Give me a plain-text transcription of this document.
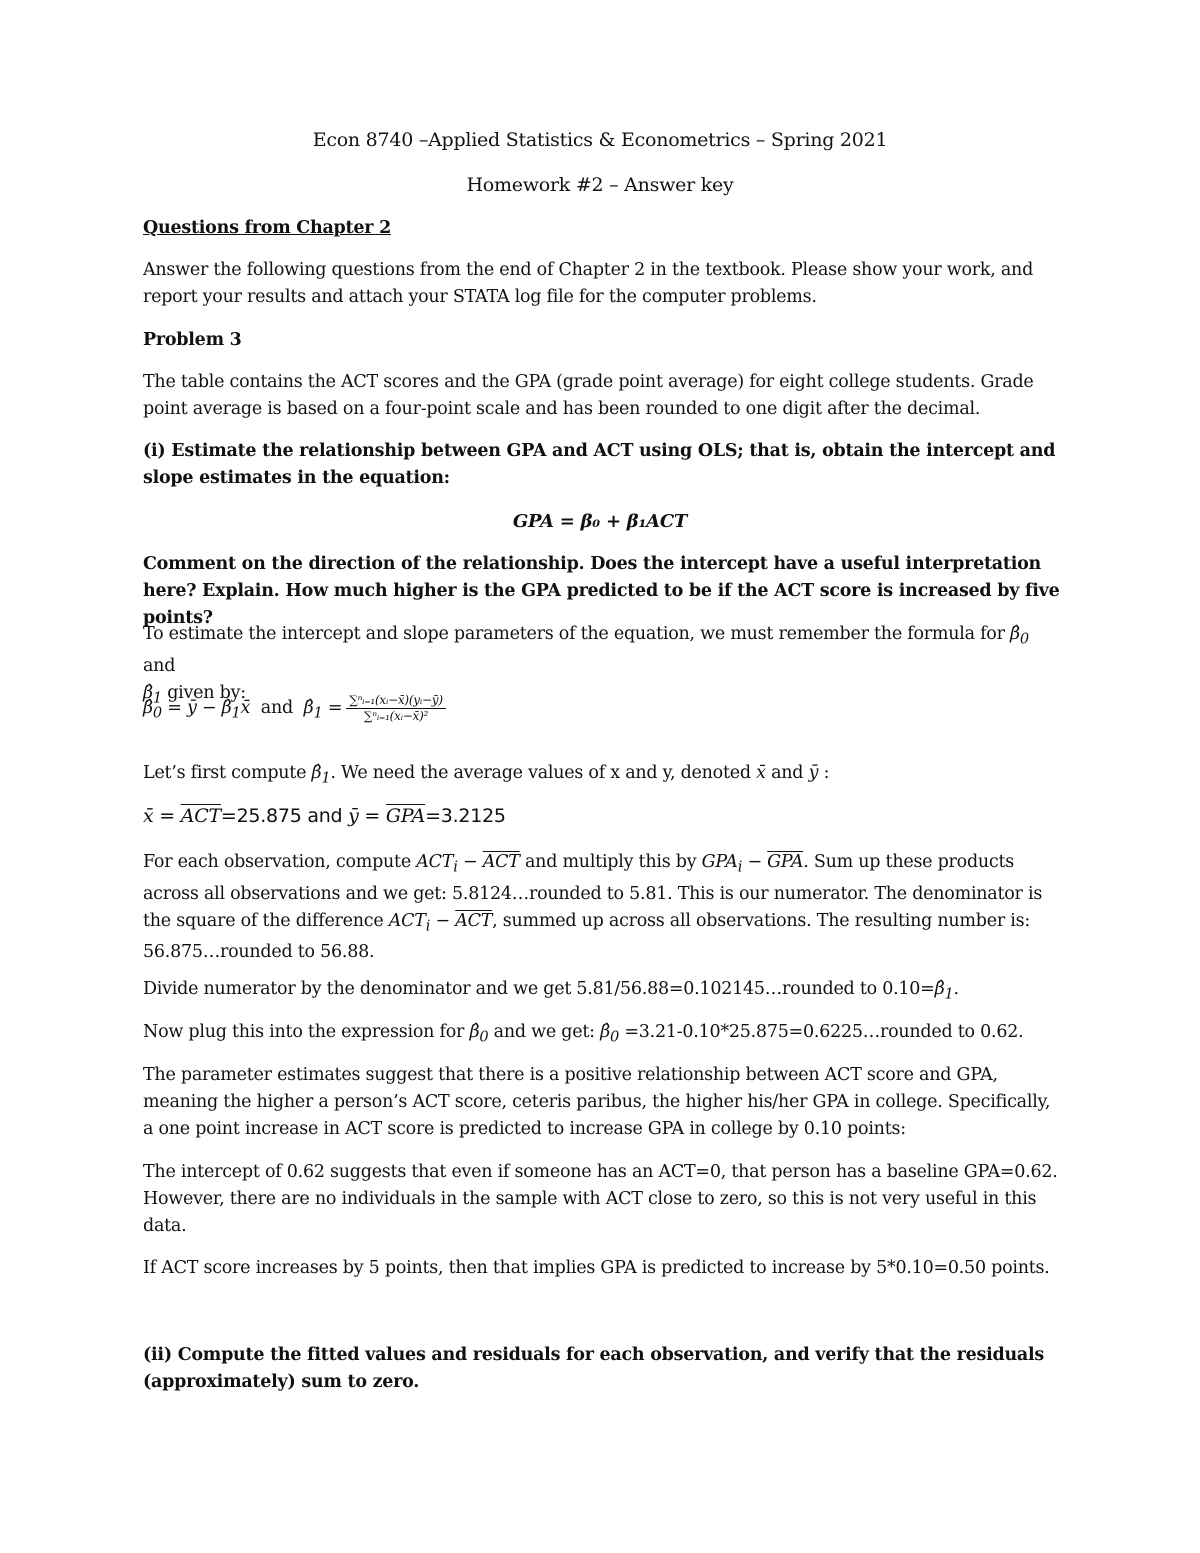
Econ 8740 –Applied Statistics & Econometrics – Spring 2021

Homework #2 – Answer key

Questions from Chapter 2

Answer the following questions from the end of Chapter 2 in the textbook. Please show your work, and report your results and attach your STATA log file for the computer problems.

Problem 3

The table contains the ACT scores and the GPA (grade point average) for eight college students. Grade point average is based on a four-point scale and has been rounded to one digit after the decimal.

(i) Estimate the relationship between GPA and ACT using OLS; that is, obtain the intercept and slope estimates in the equation:

GPA = β₀ + β₁ACT

Comment on the direction of the relationship. Does the intercept have a useful interpretation here? Explain. How much higher is the GPA predicted to be if the ACT score is increased by five points?

To estimate the intercept and slope parameters of the equation, we must remember the formula for $\betâ_0$ and
$\betâ_1$ given by:

$\betâ_0$ = ȳ − $\betâ_1x̄$ and $\betâ_1 = \frac{\text{∑ⁿᵢ₌₁(xᵢ−x̄)(yᵢ−ȳ)}}{\text{∑ⁿᵢ₌₁(xᵢ−x̄)²}}$

Let’s first compute $\betâ_1$. We need the average values of x and y, denoted x̄ and ȳ :

x̄ = $\overline{ACT}=25.875$ and ȳ = $\overline{GPA}=3.2125$

For each observation, compute $ACT_i - \overline{ACT}$ and multiply this by $GPA_i - \overline{GPA}$. Sum up these products across all observations and we get: 5.8124…rounded to 5.81. This is our numerator. The denominator is the square of the difference $ACT_i - \overline{ACT}$, summed up across all observations. The resulting number is: 56.875…rounded to 56.88.

Divide numerator by the denominator and we get 5.81/56.88=0.102145…rounded to $0.10=\betâ_1$.

Now plug this into the expression for $\betâ_0$ and we get: $\betâ_0$ =3.21-0.10*25.875=0.6225…rounded to 0.62.

The parameter estimates suggest that there is a positive relationship between ACT score and GPA, meaning the higher a person’s ACT score, ceteris paribus, the higher his/her GPA in college. Specifically, a one point increase in ACT score is predicted to increase GPA in college by 0.10 points:

The intercept of 0.62 suggests that even if someone has an ACT=0, that person has a baseline GPA=0.62. However, there are no individuals in the sample with ACT close to zero, so this is not very useful in this data.

If ACT score increases by 5 points, then that implies GPA is predicted to increase by 5*0.10=0.50 points.

(ii) Compute the fitted values and residuals for each observation, and verify that the residuals (approximately) sum to zero.
